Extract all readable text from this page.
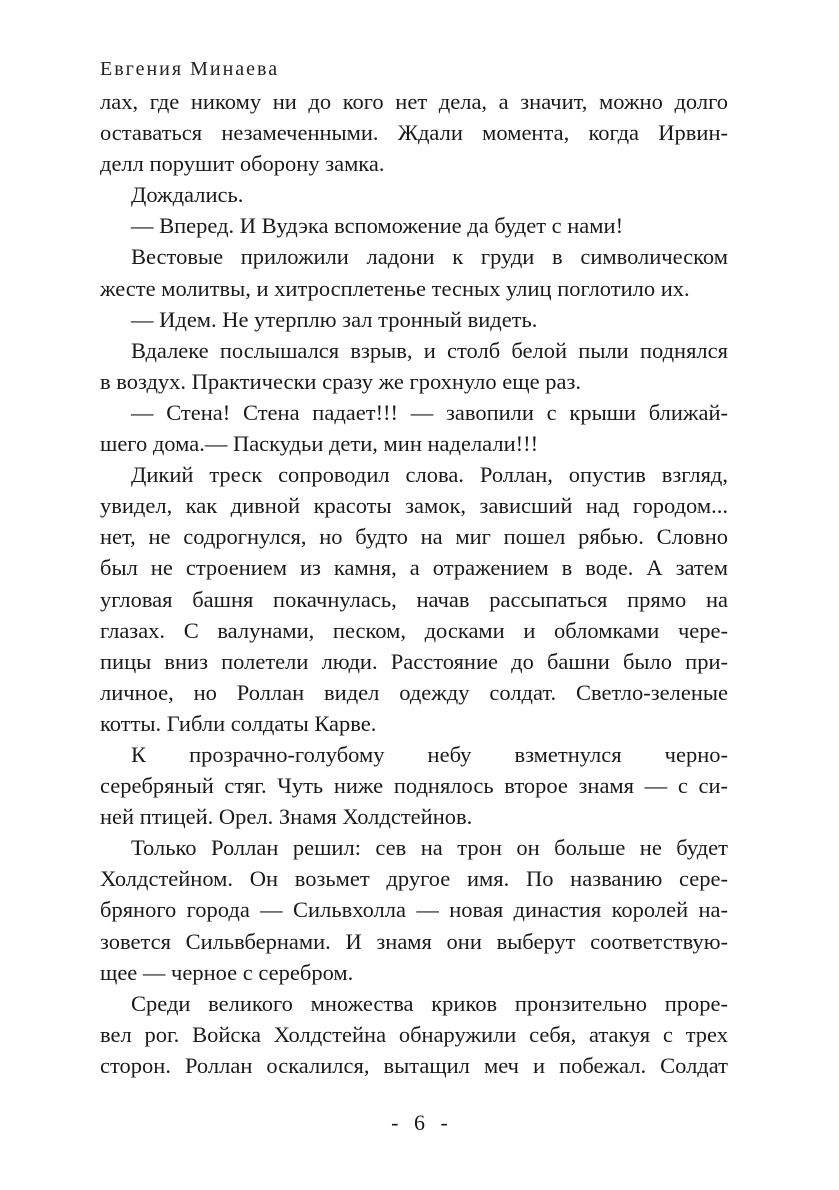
Евгения Минаева
лах, где никому ни до кого нет дела, а значит, можно долго
оставаться незамеченными. Ждали момента, когда Ирвин-
делл порушит оборону замка.
Дождались.
— Вперед. И Вудэка вспоможение да будет с нами!
Вестовые приложили ладони к груди в символическом
жесте молитвы, и хитросплетенье тесных улиц поглотило их.
— Идем. Не утерплю зал тронный видеть.
Вдалеке послышался взрыв, и столб белой пыли поднялся
в воздух. Практически сразу же грохнуло еще раз.
— Стена! Стена падает!!! — завопили с крыши ближай-
шего дома.— Паскудьи дети, мин наделали!!!
Дикий треск сопроводил слова. Роллан, опустив взгляд,
увидел, как дивной красоты замок, зависший над городом...
нет, не содрогнулся, но будто на миг пошел рябью. Словно
был не строением из камня, а отражением в воде. А затем
угловая башня покачнулась, начав рассыпаться прямо на
глазах. С валунами, песком, досками и обломками чере-
пицы вниз полетели люди. Расстояние до башни было при-
личное, но Роллан видел одежду солдат. Светло-зеленые
котты. Гибли солдаты Карве.
К прозрачно-голубому небу взметнулся черно-
серебряный стяг. Чуть ниже поднялось второе знамя — с си-
ней птицей. Орел. Знамя Холдстейнов.
Только Роллан решил: сев на трон он больше не будет
Холдстейном. Он возьмет другое имя. По названию сере-
бряного города — Сильвхолла — новая династия королей на-
зовется Сильвбернами. И знамя они выберут соответствую-
щее — черное с серебром.
Среди великого множества криков пронзительно проре-
вел рог. Войска Холдстейна обнаружили себя, атакуя с трех
сторон. Роллан оскалился, вытащил меч и побежал. Солдат
- 6 -
